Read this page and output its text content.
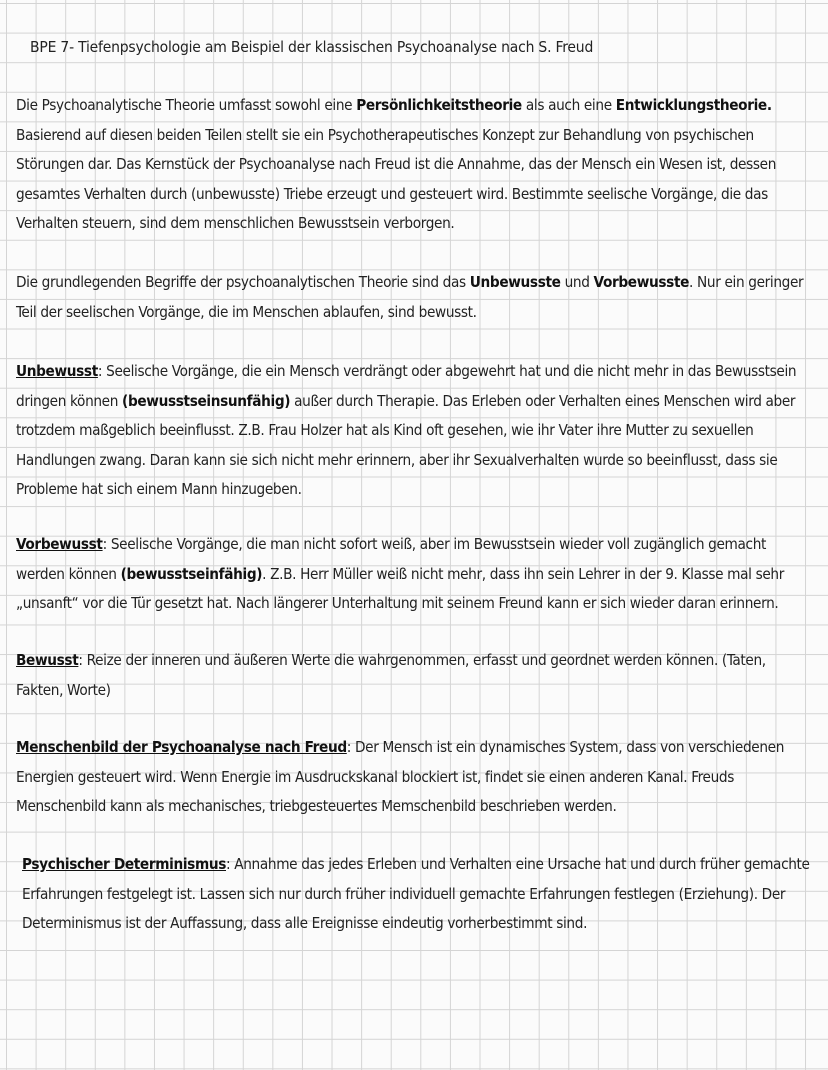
BPE 7- Tiefenpsychologie am Beispiel der klassischen Psychoanalyse nach S. Freud
Die Psychoanalytische Theorie umfasst sowohl eine Persönlichkeitstheorie als auch eine Entwicklungstheorie. Basierend auf diesen beiden Teilen stellt sie ein Psychotherapeutisches Konzept zur Behandlung von psychischen Störungen dar. Das Kernstück der Psychoanalyse nach Freud ist die Annahme, das der Mensch ein Wesen ist, dessen gesamtes Verhalten durch (unbewusste) Triebe erzeugt und gesteuert wird. Bestimmte seelische Vorgänge, die das Verhalten steuern, sind dem menschlichen Bewusstsein verborgen.
Die grundlegenden Begriffe der psychoanalytischen Theorie sind das Unbewusste und Vorbewusste. Nur ein geringer Teil der seelischen Vorgänge, die im Menschen ablaufen, sind bewusst.
Unbewusst: Seelische Vorgänge, die ein Mensch verdrängt oder abgewehrt hat und die nicht mehr in das Bewusstsein dringen können (bewusstseinsunfähig) außer durch Therapie. Das Erleben oder Verhalten eines Menschen wird aber trotzdem maßgeblich beeinflusst. Z.B. Frau Holzer hat als Kind oft gesehen, wie ihr Vater ihre Mutter zu sexuellen Handlungen zwang. Daran kann sie sich nicht mehr erinnern, aber ihr Sexualverhalten wurde so beeinflusst, dass sie Probleme hat sich einem Mann hinzugeben.
Vorbewusst: Seelische Vorgänge, die man nicht sofort weiß, aber im Bewusstsein wieder voll zugänglich gemacht werden können (bewusstseinfähig). Z.B. Herr Müller weiß nicht mehr, dass ihn sein Lehrer in der 9. Klasse mal sehr „unsanft“ vor die Tür gesetzt hat. Nach längerer Unterhaltung mit seinem Freund kann er sich wieder daran erinnern.
Bewusst: Reize der inneren und äußeren Werte die wahrgenommen, erfasst und geordnet werden können. (Taten, Fakten, Worte)
Menschenbild der Psychoanalyse nach Freud: Der Mensch ist ein dynamisches System, dass von verschiedenen Energien gesteuert wird. Wenn Energie im Ausdruckskanal blockiert ist, findet sie einen anderen Kanal. Freuds Menschenbild kann als mechanisches, triebgesteuertes Memschenbild beschrieben werden.
Psychischer Determinismus: Annahme das jedes Erleben und Verhalten eine Ursache hat und durch früher gemachte Erfahrungen festgelegt ist. Lassen sich nur durch früher individuell gemachte Erfahrungen festlegen (Erziehung). Der Determinismus ist der Auffassung, dass alle Ereignisse eindeutig vorherbestimmt sind.
